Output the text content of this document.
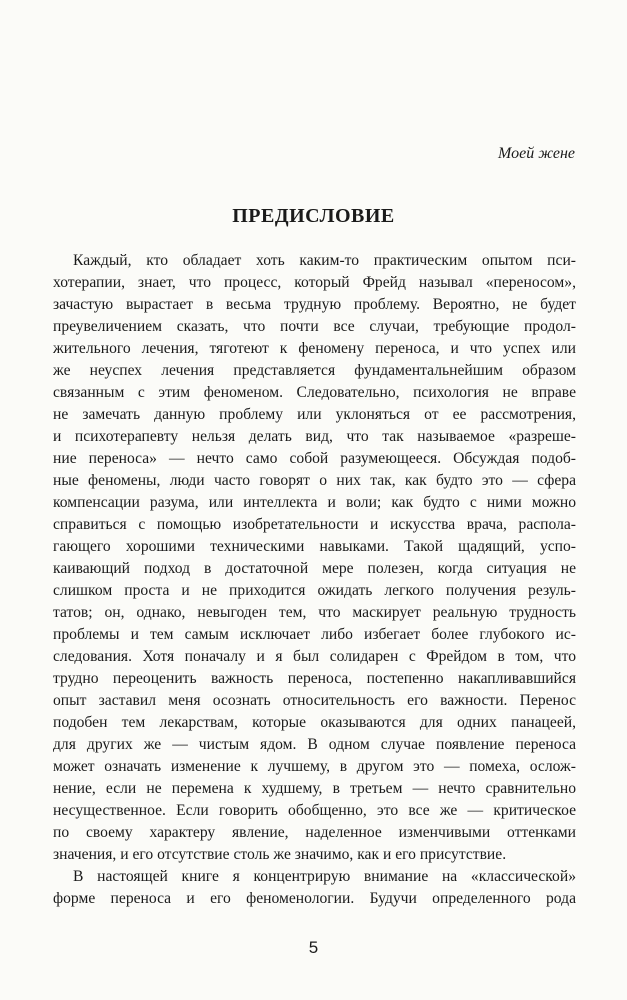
Моей жене
ПРЕДИСЛОВИЕ
Каждый, кто обладает хоть каким-то практическим опытом пси-
хотерапии, знает, что процесс, который Фрейд называл «переносом»,
зачастую вырастает в весьма трудную проблему. Вероятно, не будет
преувеличением сказать, что почти все случаи, требующие продол-
жительного лечения, тяготеют к феномену переноса, и что успех или
же неуспех лечения представляется фундаментальнейшим образом
связанным с этим феноменом. Следовательно, психология не вправе
не замечать данную проблему или уклоняться от ее рассмотрения,
и психотерапевту нельзя делать вид, что так называемое «разреше-
ние переноса» — нечто само собой разумеющееся. Обсуждая подоб-
ные феномены, люди часто говорят о них так, как будто это — сфера
компенсации разума, или интеллекта и воли; как будто с ними можно
справиться с помощью изобретательности и искусства врача, распола-
гающего хорошими техническими навыками. Такой щадящий, успо-
каивающий подход в достаточной мере полезен, когда ситуация не
слишком проста и не приходится ожидать легкого получения резуль-
татов; он, однако, невыгоден тем, что маскирует реальную трудность
проблемы и тем самым исключает либо избегает более глубокого ис-
следования. Хотя поначалу и я был солидарен с Фрейдом в том, что
трудно переоценить важность переноса, постепенно накапливавшийся
опыт заставил меня осознать относительность его важности. Перенос
подобен тем лекарствам, которые оказываются для одних панацеей,
для других же — чистым ядом. В одном случае появление переноса
может означать изменение к лучшему, в другом это — помеха, ослож-
нение, если не перемена к худшему, в третьем — нечто сравнительно
несущественное. Если говорить обобщенно, это все же — критическое
по своему характеру явление, наделенное изменчивыми оттенками
значения, и его отсутствие столь же значимо, как и его присутствие.
В настоящей книге я концентрирую внимание на «классической»
форме переноса и его феноменологии. Будучи определенного рода
5
